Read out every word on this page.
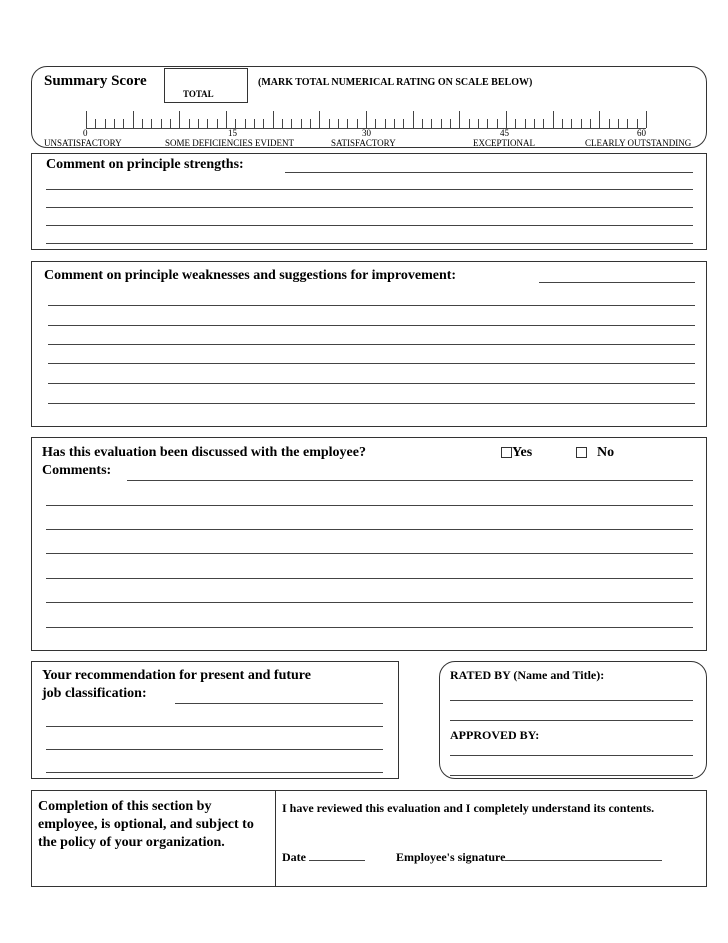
Summary Score
TOTAL
(MARK TOTAL NUMERICAL RATING ON SCALE BELOW)
0	15	30	45	60
UNSATISFACTORY	SOME DEFICIENCIES EVIDENT	SATISFACTORY	EXCEPTIONAL	CLEARLY OUTSTANDING
Comment on principle strengths:
Comment on principle weaknesses and suggestions for improvement:
Has this evaluation been discussed with the employee?	Yes	No
Comments:
Your recommendation for present and future
job classification:
RATED BY (Name and Title):
APPROVED BY:
Completion of this section by employee, is optional, and subject to the policy of your organization.
I have reviewed this evaluation and I completely understand its contents.
Date	Employee's signature
